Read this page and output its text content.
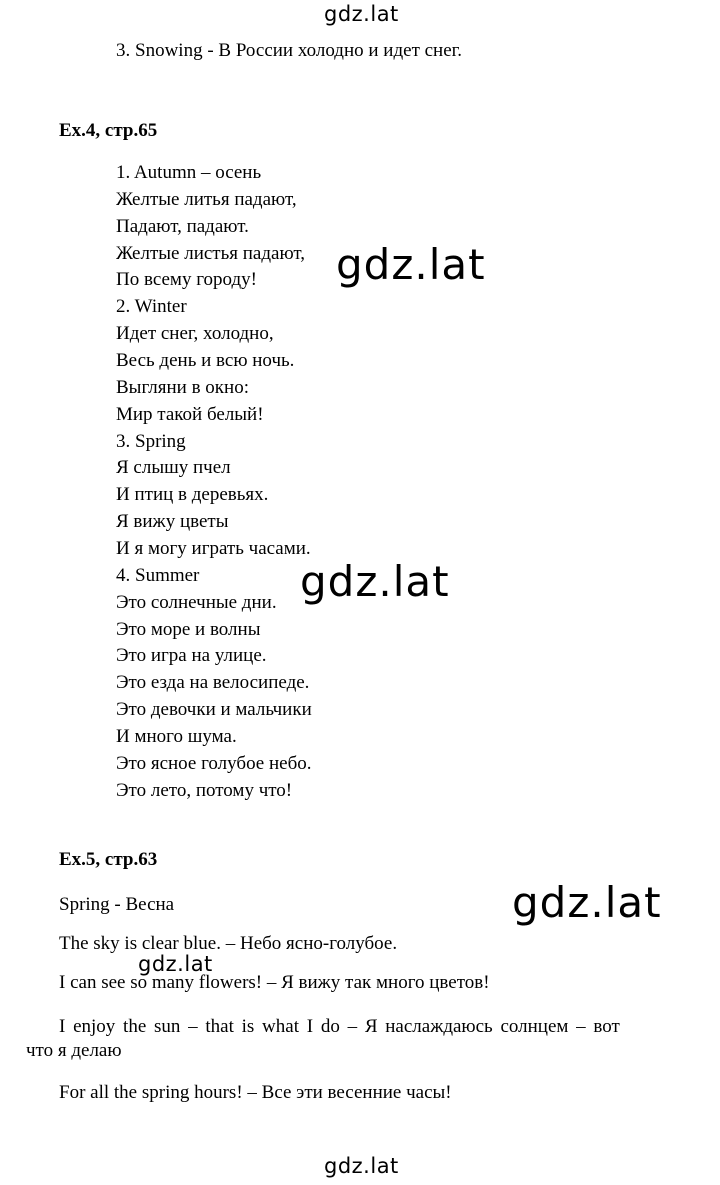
gdz.lat
3. Snowing - В России холодно и идет снег.
Ex.4, стр.65
1. Autumn – осень
Желтые литья падают,
Падают, падают.
Желтые листья падают,
По всему городу!
2. Winter
Идет снег, холодно,
Весь день и всю ночь.
Выгляни в окно:
Мир такой белый!
3. Spring
Я слышу пчел
И птиц в деревьях.
Я вижу цветы
И я могу играть часами.
4. Summer
Это солнечные дни.
Это море и волны
Это игра на улице.
Это езда на велосипеде.
Это девочки и мальчики
И много шума.
Это ясное голубое небо.
Это лето, потому что!
gdz.lat
gdz.lat
Ex.5, стр.63
Spring - Весна	gdz.lat
The sky is clear blue. – Небо ясно-голубое.
gdz.lat
I can see so many flowers! – Я вижу так много цветов!
I enjoy the sun – that is what I do – Я наслаждаюсь солнцем – вот
что я делаю
For all the spring hours! – Все эти весенние часы!
gdz.lat
